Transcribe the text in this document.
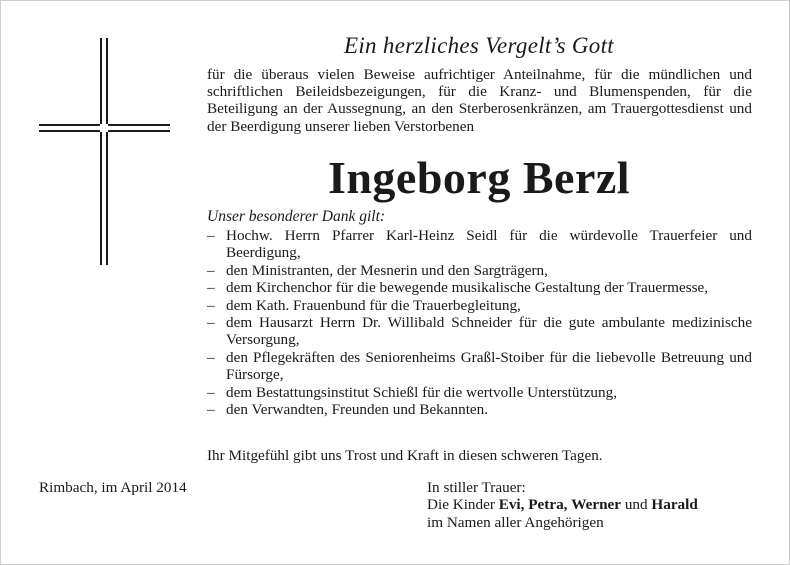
Ein herzliches Vergelt’s Gott
für die überaus vielen Beweise aufrichtiger Anteilnahme, für die mündlichen und schriftlichen Beileidsbezeigungen, für die Kranz- und Blumenspenden, für die Beteiligung an der Aussegnung, an den Sterberosenkränzen, am Trauergottesdienst und der Beerdigung unserer lieben Verstorbenen
Ingeborg Berzl
Unser besonderer Dank gilt:
– Hochw. Herrn Pfarrer Karl-Heinz Seidl für die würdevolle Trauerfeier und Beerdigung,
– den Ministranten, der Mesnerin und den Sargträgern,
– dem Kirchenchor für die bewegende musikalische Gestaltung der Trauermesse,
– dem Kath. Frauenbund für die Trauerbegleitung,
– dem Hausarzt Herrn Dr. Willibald Schneider für die gute ambulante medizinische Versorgung,
– den Pflegekräften des Seniorenheims Graßl-Stoiber für die liebevolle Betreuung und Fürsorge,
– dem Bestattungsinstitut Schießl für die wertvolle Unterstützung,
– den Verwandten, Freunden und Bekannten.
Ihr Mitgefühl gibt uns Trost und Kraft in diesen schweren Tagen.
Rimbach, im April 2014	In stiller Trauer:
Die Kinder Evi, Petra, Werner und Harald
im Namen aller Angehörigen
